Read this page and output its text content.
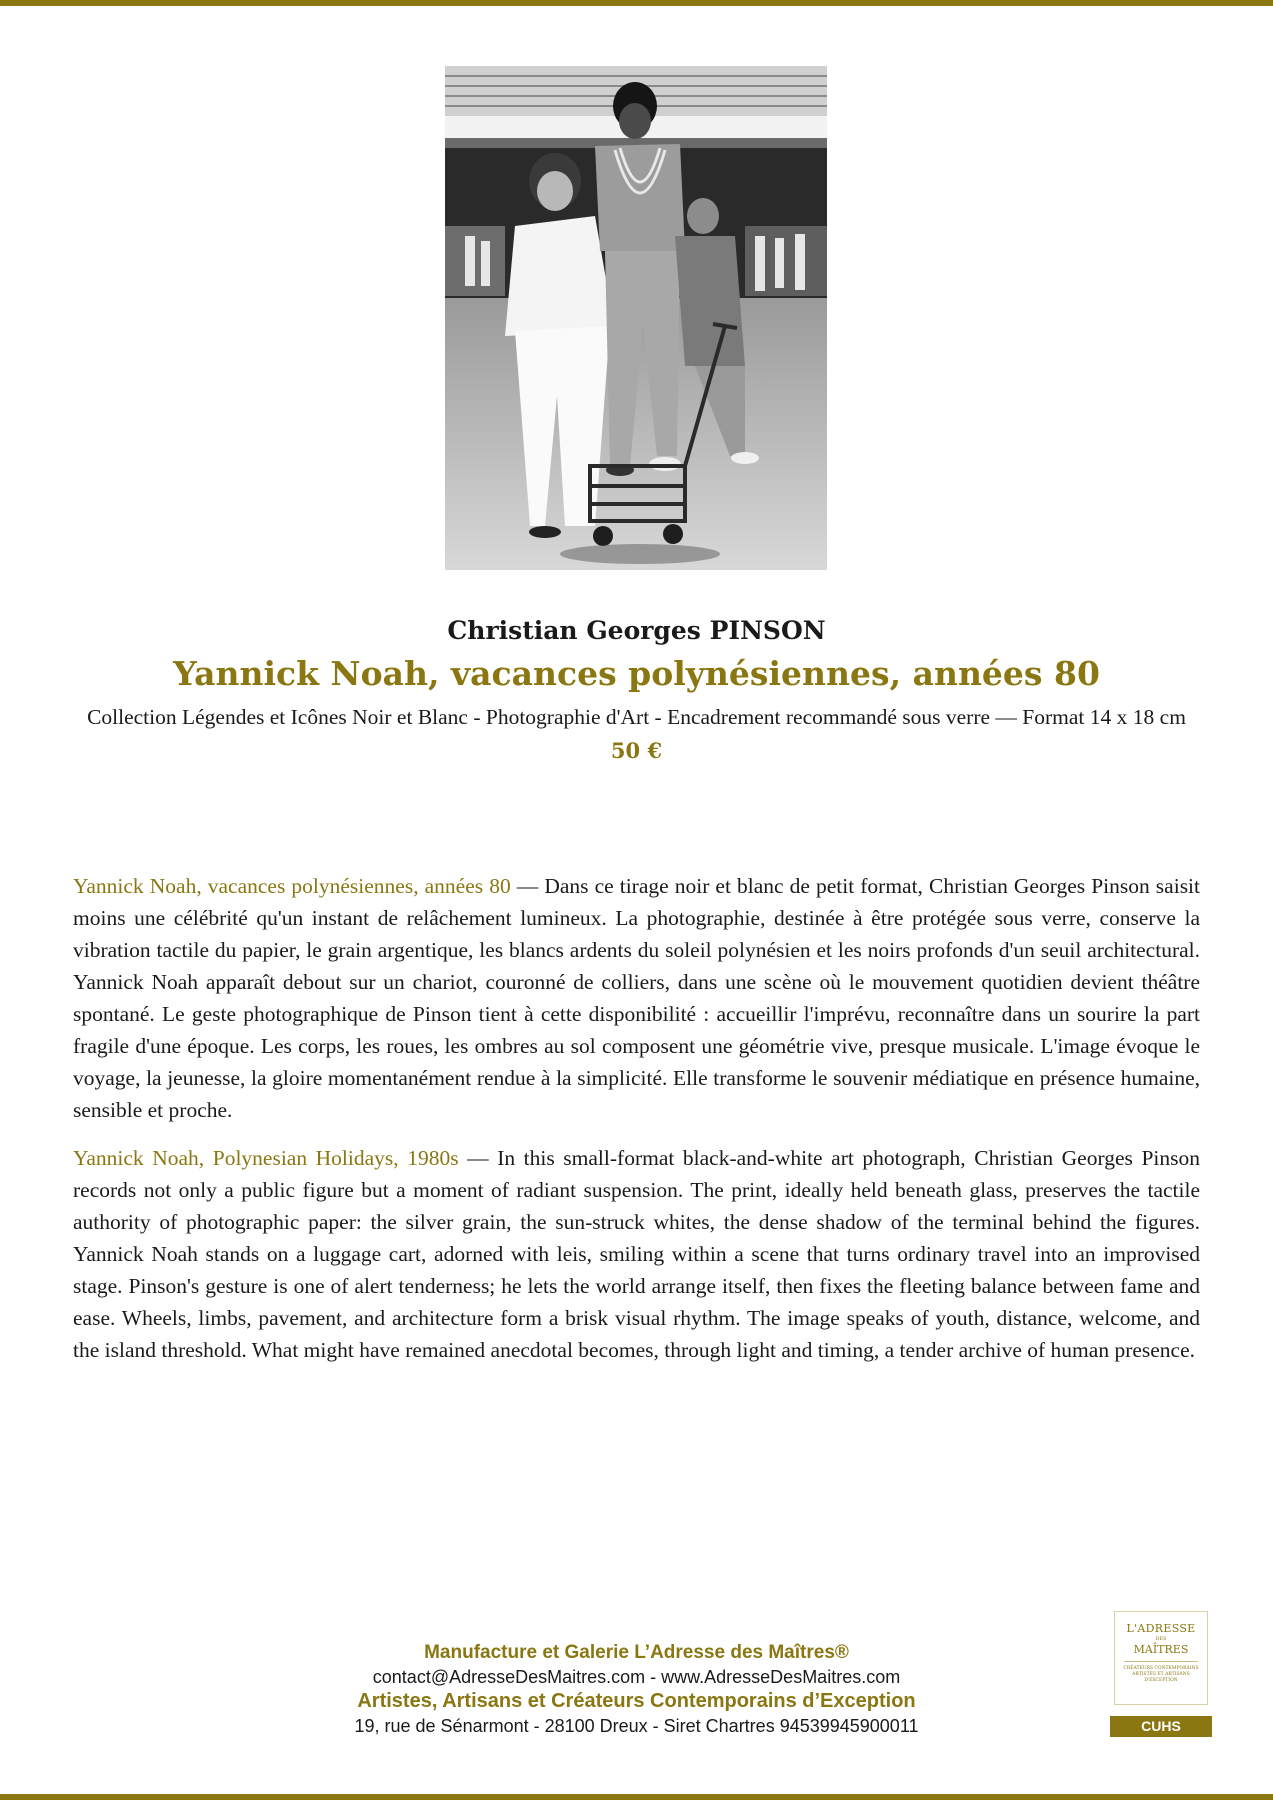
Christian Georges PINSON
Yannick Noah, vacances polynésiennes, années 80
Collection Légendes et Icônes Noir et Blanc - Photographie d'Art - Encadrement recommandé sous verre — Format 14 x 18 cm
50 €

Yannick Noah, vacances polynésiennes, années 80 — Dans ce tirage noir et blanc de petit format, Christian Georges Pinson saisit moins une célébrité qu'un instant de relâchement lumineux. La photographie, destinée à être protégée sous verre, conserve la vibration tactile du papier, le grain argentique, les blancs ardents du soleil polynésien et les noirs profonds d'un seuil architectural. Yannick Noah apparaît debout sur un chariot, couronné de colliers, dans une scène où le mouvement quotidien devient théâtre spontané. Le geste photographique de Pinson tient à cette disponibilité : accueillir l'imprévu, reconnaître dans un sourire la part fragile d'une époque. Les corps, les roues, les ombres au sol composent une géométrie vive, presque musicale. L'image évoque le voyage, la jeunesse, la gloire momentanément rendue à la simplicité. Elle transforme le souvenir médiatique en présence humaine, sensible et proche.

Yannick Noah, Polynesian Holidays, 1980s — In this small-format black-and-white art photograph, Christian Georges Pinson records not only a public figure but a moment of radiant suspension. The print, ideally held beneath glass, preserves the tactile authority of photographic paper: the silver grain, the sun-struck whites, the dense shadow of the terminal behind the figures. Yannick Noah stands on a luggage cart, adorned with leis, smiling within a scene that turns ordinary travel into an improvised stage. Pinson's gesture is one of alert tenderness; he lets the world arrange itself, then fixes the fleeting balance between fame and ease. Wheels, limbs, pavement, and architecture form a brisk visual rhythm. The image speaks of youth, distance, welcome, and the island threshold. What might have remained anecdotal becomes, through light and timing, a tender archive of human presence.

Manufacture et Galerie L’Adresse des Maîtres®
contact@AdresseDesMaitres.com - www.AdresseDesMaitres.com
Artistes, Artisans et Créateurs Contemporains d’Exception
19, rue de Sénarmont - 28100 Dreux - Siret Chartres 94539945900011
L'ADRESSE
DES
MAÎTRES
CRÉATEURS CONTEMPORAINS ARTISTES ET ARTISANS D'EXCEPTION
CUHS
